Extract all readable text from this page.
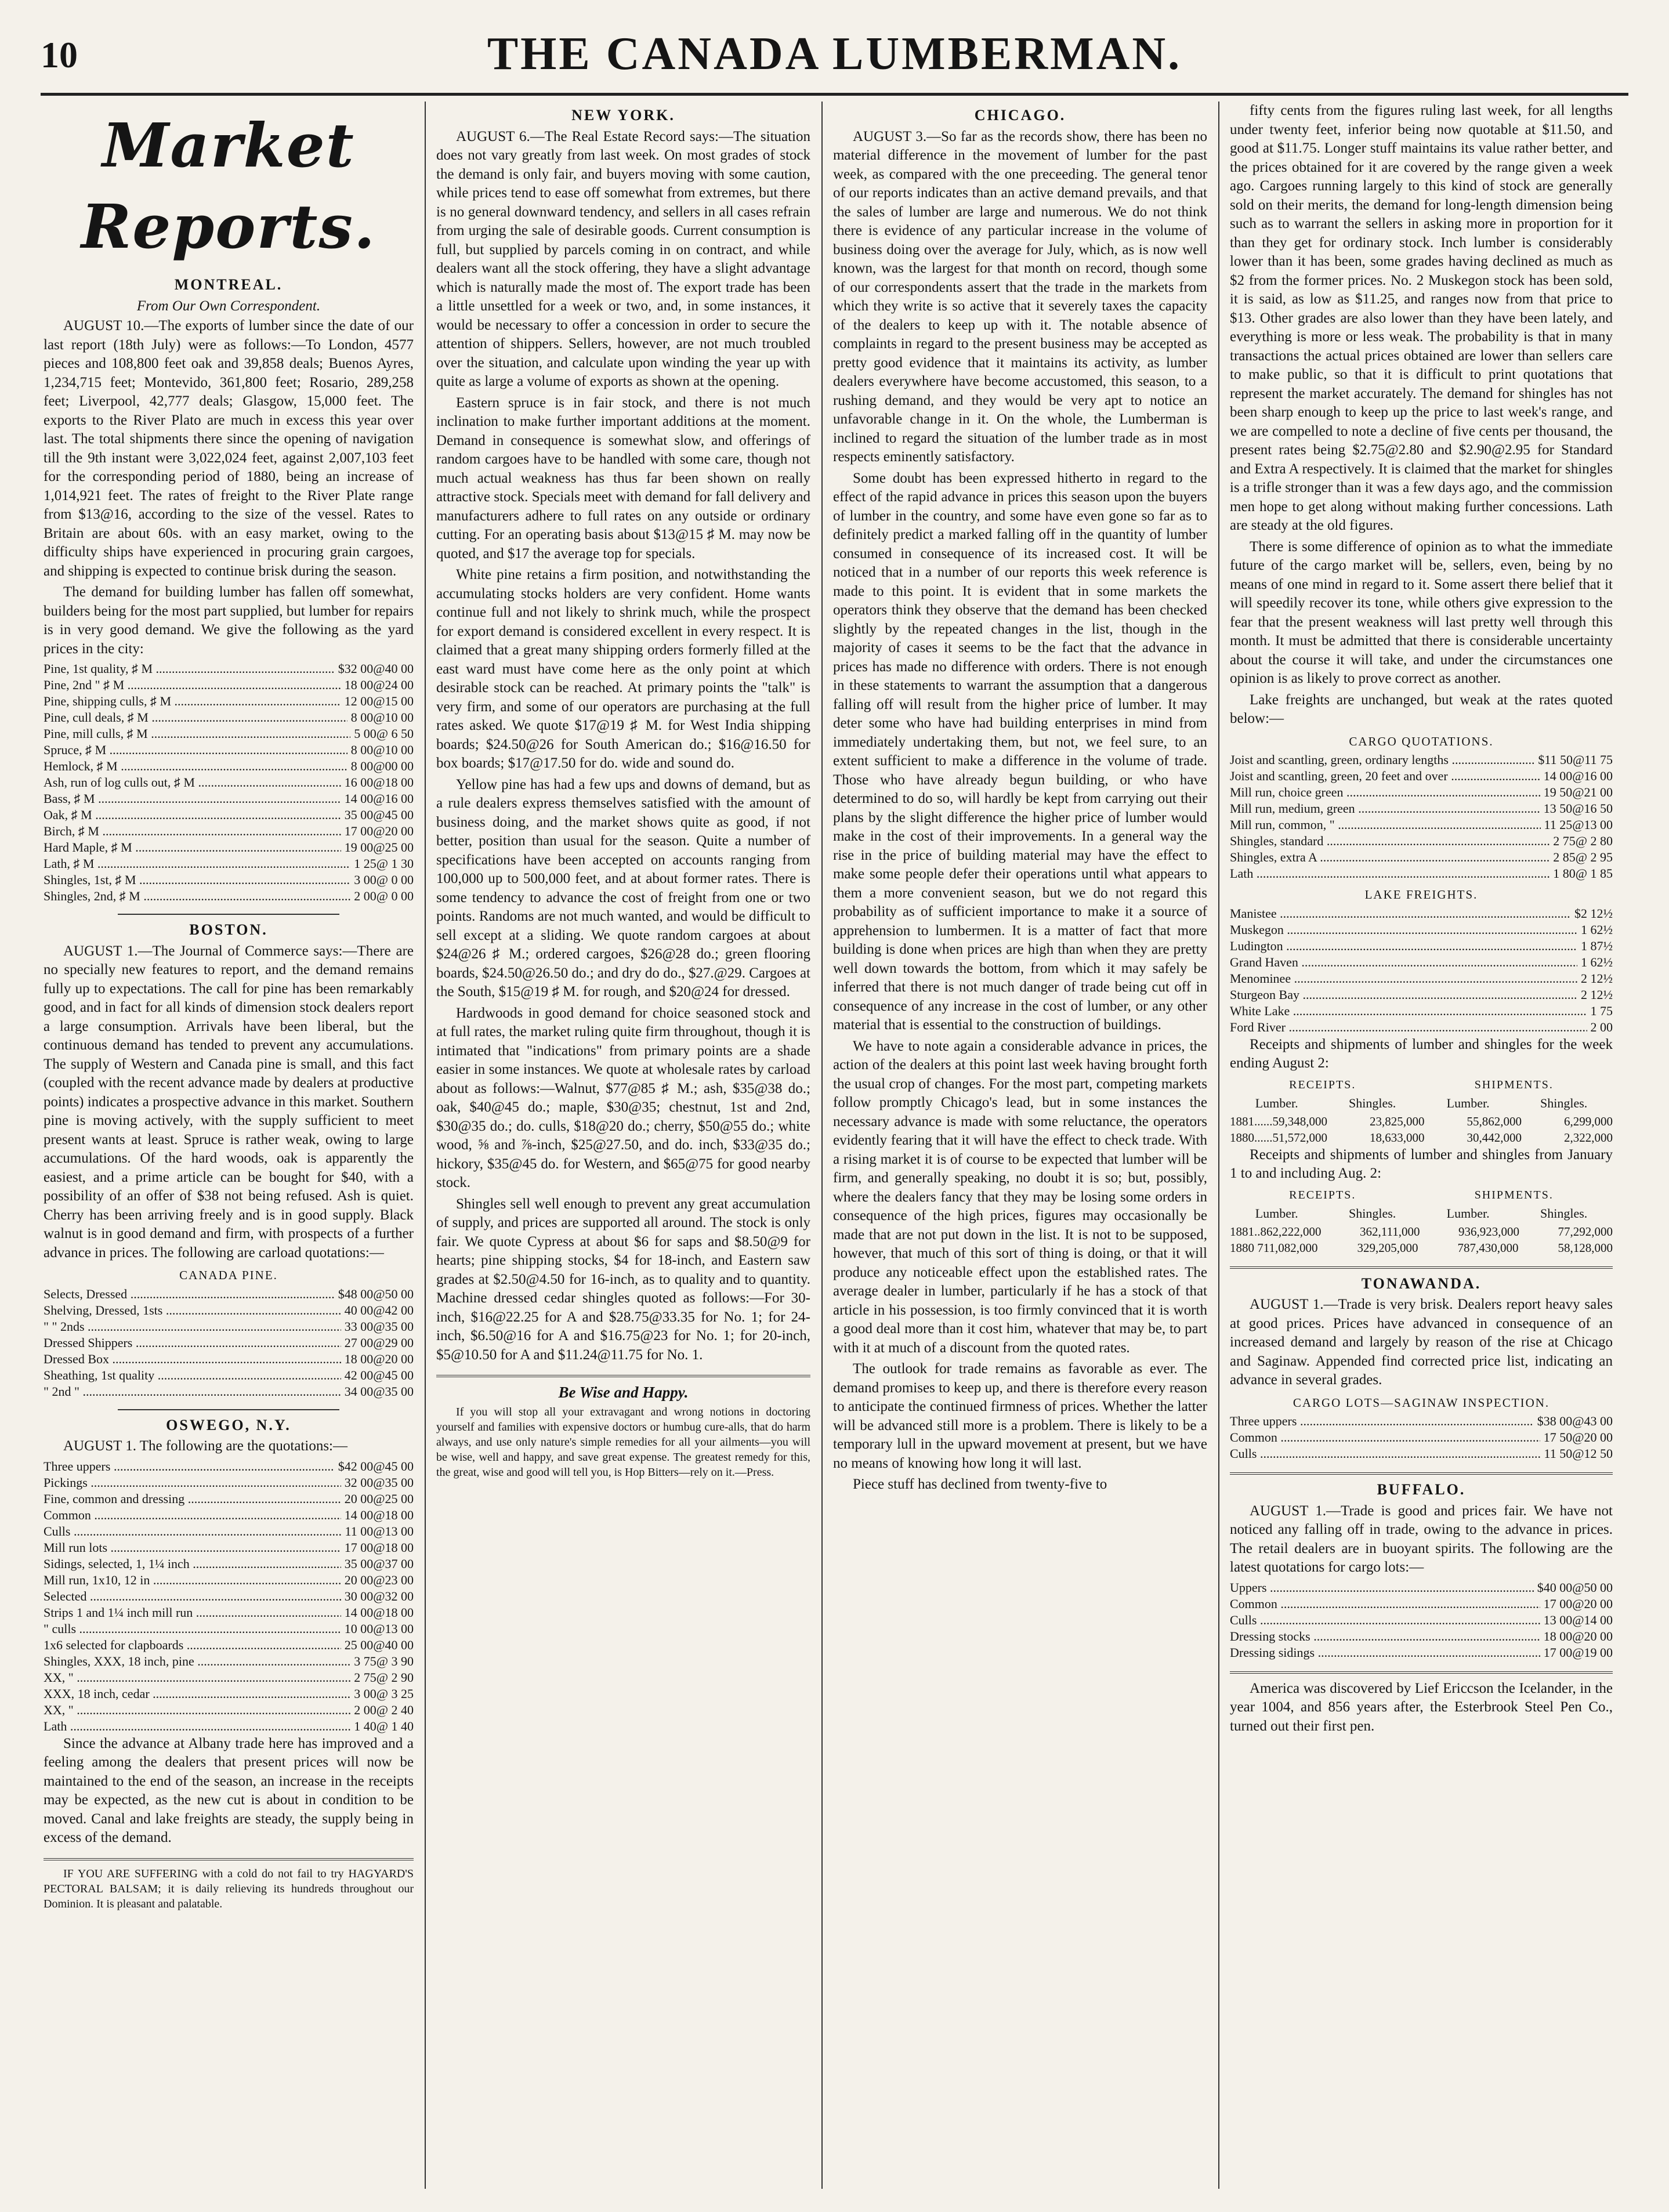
10	THE CANADA LUMBERMAN.
Market Reports.
MONTREAL.
From Our Own Correspondent.

AUGUST 10.—The exports of lumber since the date of our last report (18th July) were as follows:—To London, 4577 pieces and 108,800 feet oak and 39,858 deals; Buenos Ayres, 1,234,715 feet; Montevido, 361,800 feet; Rosario, 289,258 feet; Liverpool, 42,777 deals; Glasgow, 15,000 feet. The exports to the River Plato are much in excess this year over last. The total shipments there since the opening of navigation till the 9th instant were 3,022,024 feet, against 2,007,103 feet for the corresponding period of 1880, being an increase of 1,014,921 feet. The rates of freight to the River Plate range from $13@16, according to the size of the vessel. Rates to Britain are about 60s. with an easy market, owing to the difficulty ships have experienced in procuring grain cargoes, and shipping is expected to continue brisk during the season.

The demand for building lumber has fallen off somewhat, builders being for the most part supplied, but lumber for repairs is in very good demand. We give the following as the yard prices in the city:

Pine, 1st quality, ♯ M .....	$32 00@40 00
Pine, 2nd " ♯ M .....	18 00@24 00
Pine, shipping culls, ♯ M .....	12 00@15 00
Pine, cull deals, ♯ M .....	8 00@10 00
Pine, mill culls, ♯ M .....	5 00@ 6 50
Spruce, ♯ M .....	8 00@10 00
Hemlock, ♯ M .....	8 00@00 00
Ash, run of log culls out, ♯ M .....	16 00@18 00
Bass, ♯ M .....	14 00@16 00
Oak, ♯ M .....	35 00@45 00
Birch, ♯ M .....	17 00@20 00
Hard Maple, ♯ M .....	19 00@25 00
Lath, ♯ M .....	1 25@ 1 30
Shingles, 1st, ♯ M .....	3 00@ 0 00
Shingles, 2nd, ♯ M .....	2 00@ 0 00
BOSTON.

AUGUST 1.—The Journal of Commerce says:—There are no specially new features to report, and the demand remains fully up to expectations. The call for pine has been remarkably good, and in fact for all kinds of dimension stock dealers report a large consumption. Arrivals have been liberal, but the continuous demand has tended to prevent any accumulations. The supply of Western and Canada pine is small, and this fact (coupled with the recent advance made by dealers at productive points) indicates a prospective advance in this market. Southern pine is moving actively, with the supply sufficient to meet present wants at least. Spruce is rather weak, owing to large accumulations. Of the hard woods, oak is apparently the easiest, and a prime article can be bought for $40, with a possibility of an offer of $38 not being refused. Ash is quiet. Cherry has been arriving freely and is in good supply. Black walnut is in good demand and firm, with prospects of a further advance in prices. The following are carload quotations:—

CANADA PINE.
Selects, Dressed .....	$48 00@50 00
Shelving, Dressed, 1sts .....	40 00@42 00
" " 2nds .....	33 00@35 00
Dressed Shippers .....	27 00@29 00
Dressed Box .....	18 00@20 00
Sheathing, 1st quality .....	42 00@45 00
" 2nd " .....	34 00@35 00
OSWEGO, N.Y.

AUGUST 1. The following are the quotations:—

Three uppers .....	$42 00@45 00
Pickings .....	32 00@35 00
Fine, common and dressing .....	20 00@25 00
Common .....	14 00@18 00
Culls .....	11 00@13 00
Mill run lots .....	17 00@18 00
Sidings, selected, 1, 1¼ inch .....	35 00@37 00
Mill run, 1x10, 12 in .....	20 00@23 00
Selected .....	30 00@32 00
Strips 1 and 1¼ inch mill run .....	14 00@18 00
" culls .....	10 00@13 00
1x6 selected for clapboards .....	25 00@40 00
Shingles, XXX, 18 inch, pine .....	3 75@ 3 90
XX, " .....	2 75@ 2 90
XXX, 18 inch, cedar .....	3 00@ 3 25
XX, " .....	2 00@ 2 40
Lath .....	1 40@ 1 40

Since the advance at Albany trade here has improved and a feeling among the dealers that present prices will now be maintained to the end of the season, an increase in the receipts may be expected, as the new cut is about in condition to be moved. Canal and lake freights are steady, the supply being in excess of the demand.

IF YOU ARE SUFFERING with a cold do not fail to try HAGYARD'S PECTORAL BALSAM; it is daily relieving its hundreds throughout our Dominion. It is pleasant and palatable.

NEW YORK.

AUGUST 6.—The Real Estate Record says:—The situation does not vary greatly from last week. On most grades of stock the demand is only fair, and buyers moving with some caution, while prices tend to ease off somewhat from extremes, but there is no general downward tendency, and sellers in all cases refrain from urging the sale of desirable goods. Current consumption is full, but supplied by parcels coming in on contract, and while dealers want all the stock offering, they have a slight advantage which is naturally made the most of. The export trade has been a little unsettled for a week or two, and, in some instances, it would be necessary to offer a concession in order to secure the attention of shippers. Sellers, however, are not much troubled over the situation, and calculate upon winding the year up with quite as large a volume of exports as shown at the opening.

Eastern spruce is in fair stock, and there is not much inclination to make further important additions at the moment. Demand in consequence is somewhat slow, and offerings of random cargoes have to be handled with some care, though not much actual weakness has thus far been shown on really attractive stock. Specials meet with demand for fall delivery and manufacturers adhere to full rates on any outside or ordinary cutting. For an operating basis about $13@15 ♯ M. may now be quoted, and $17 the average top for specials.

White pine retains a firm position, and notwithstanding the accumulating stocks holders are very confident. Home wants continue full and not likely to shrink much, while the prospect for export demand is considered excellent in every respect. It is claimed that a great many shipping orders formerly filled at the east ward must have come here as the only point at which desirable stock can be reached. At primary points the "talk" is very firm, and some of our operators are purchasing at the full rates asked. We quote $17@19 ♯ M. for West India shipping boards; $24.50@26 for South American do.; $16@16.50 for box boards; $17@17.50 for do. wide and sound do.

Yellow pine has had a few ups and downs of demand, but as a rule dealers express themselves satisfied with the amount of business doing, and the market shows quite as good, if not better, position than usual for the season. Quite a number of specifications have been accepted on accounts ranging from 100,000 up to 500,000 feet, and at about former rates. There is some tendency to advance the cost of freight from one or two points. Randoms are not much wanted, and would be difficult to sell except at a sliding. We quote random cargoes at about $24@26 ♯ M.; ordered cargoes, $26@28 do.; green flooring boards, $24.50@26.50 do.; and dry do do., $27.@29. Cargoes at the South, $15@19 ♯ M. for rough, and $20@24 for dressed.

Hardwoods in good demand for choice seasoned stock and at full rates, the market ruling quite firm throughout, though it is intimated that "indications" from primary points are a shade easier in some instances. We quote at wholesale rates by carload about as follows:—Walnut, $77@85 ♯ M.; ash, $35@38 do.; oak, $40@45 do.; maple, $30@35; chestnut, 1st and 2nd, $30@35 do.; do. culls, $18@20 do.; cherry, $50@55 do.; white wood, ⅝ and ⅞-inch, $25@27.50, and do. inch, $33@35 do.; hickory, $35@45 do. for Western, and $65@75 for good nearby stock.

Shingles sell well enough to prevent any great accumulation of supply, and prices are supported all around. The stock is only fair. We quote Cypress at about $6 for saps and $8.50@9 for hearts; pine shipping stocks, $4 for 18-inch, and Eastern saw grades at $2.50@4.50 for 16-inch, as to quality and to quantity. Machine dressed cedar shingles quoted as follows:—For 30-inch, $16@22.25 for A and $28.75@33.35 for No. 1; for 24-inch, $6.50@16 for A and $16.75@23 for No. 1; for 20-inch, $5@10.50 for A and $11.24@11.75 for No. 1.

Be Wise and Happy.

If you will stop all your extravagant and wrong notions in doctoring yourself and families with expensive doctors or humbug cure-alls, that do harm always, and use only nature's simple remedies for all your ailments—you will be wise, well and happy, and save great expense. The greatest remedy for this, the great, wise and good will tell you, is Hop Bitters—rely on it.—Press.

CHICAGO.

AUGUST 3.—So far as the records show, there has been no material difference in the movement of lumber for the past week, as compared with the one preceeding. The general tenor of our reports indicates than an active demand prevails, and that the sales of lumber are large and numerous. We do not think there is evidence of any particular increase in the volume of business doing over the average for July, which, as is now well known, was the largest for that month on record, though some of our correspondents assert that the trade in the markets from which they write is so active that it severely taxes the capacity of the dealers to keep up with it. The notable absence of complaints in regard to the present business may be accepted as pretty good evidence that it maintains its activity, as lumber dealers everywhere have become accustomed, this season, to a rushing demand, and they would be very apt to notice an unfavorable change in it. On the whole, the Lumberman is inclined to regard the situation of the lumber trade as in most respects eminently satisfactory.

Some doubt has been expressed hitherto in regard to the effect of the rapid advance in prices this season upon the buyers of lumber in the country, and some have even gone so far as to definitely predict a marked falling off in the quantity of lumber consumed in consequence of its increased cost. It will be noticed that in a number of our reports this week reference is made to this point. It is evident that in some markets the operators think they observe that the demand has been checked slightly by the repeated changes in the list, though in the majority of cases it seems to be the fact that the advance in prices has made no difference with orders. There is not enough in these statements to warrant the assumption that a dangerous falling off will result from the higher price of lumber. It may deter some who have had building enterprises in mind from immediately undertaking them, but not, we feel sure, to an extent sufficient to make a difference in the volume of trade. Those who have already begun building, or who have determined to do so, will hardly be kept from carrying out their plans by the slight difference the higher price of lumber would make in the cost of their improvements. In a general way the rise in the price of building material may have the effect to make some people defer their operations until what appears to them a more convenient season, but we do not regard this probability as of sufficient importance to make it a source of apprehension to lumbermen. It is a matter of fact that more building is done when prices are high than when they are pretty well down towards the bottom, from which it may safely be inferred that there is not much danger of trade being cut off in consequence of any increase in the cost of lumber, or any other material that is essential to the construction of buildings.

We have to note again a considerable advance in prices, the action of the dealers at this point last week having brought forth the usual crop of changes. For the most part, competing markets follow promptly Chicago's lead, but in some instances the necessary advance is made with some reluctance, the operators evidently fearing that it will have the effect to check trade. With a rising market it is of course to be expected that lumber will be firm, and generally speaking, no doubt it is so; but, possibly, where the dealers fancy that they may be losing some orders in consequence of the high prices, figures may occasionally be made that are not put down in the list. It is not to be supposed, however, that much of this sort of thing is doing, or that it will produce any noticeable effect upon the established rates. The average dealer in lumber, particularly if he has a stock of that article in his possession, is too firmly convinced that it is worth a good deal more than it cost him, whatever that may be, to part with it at much of a discount from the quoted rates.

The outlook for trade remains as favorable as ever. The demand promises to keep up, and there is therefore every reason to anticipate the continued firmness of prices. Whether the latter will be advanced still more is a problem. There is likely to be a temporary lull in the upward movement at present, but we have no means of knowing how long it will last.

Piece stuff has declined from twenty-five to

fifty cents from the figures ruling last week, for all lengths under twenty feet, inferior being now quotable at $11.50, and good at $11.75. Longer stuff maintains its value rather better, and the prices obtained for it are covered by the range given a week ago. Cargoes running largely to this kind of stock are generally sold on their merits, the demand for long-length dimension being such as to warrant the sellers in asking more in proportion for it than they get for ordinary stock. Inch lumber is considerably lower than it has been, some grades having declined as much as $2 from the former prices. No. 2 Muskegon stock has been sold, it is said, as low as $11.25, and ranges now from that price to $13. Other grades are also lower than they have been lately, and everything is more or less weak. The probability is that in many transactions the actual prices obtained are lower than sellers care to make public, so that it is difficult to print quotations that represent the market accurately. The demand for shingles has not been sharp enough to keep up the price to last week's range, and we are compelled to note a decline of five cents per thousand, the present rates being $2.75@2.80 and $2.90@2.95 for Standard and Extra A respectively. It is claimed that the market for shingles is a trifle stronger than it was a few days ago, and the commission men hope to get along without making further concessions. Lath are steady at the old figures.

There is some difference of opinion as to what the immediate future of the cargo market will be, sellers, even, being by no means of one mind in regard to it. Some assert there belief that it will speedily recover its tone, while others give expression to the fear that the present weakness will last pretty well through this month. It must be admitted that there is considerable uncertainty about the course it will take, and under the circumstances one opinion is as likely to prove correct as another.

Lake freights are unchanged, but weak at the rates quoted below:—

CARGO QUOTATIONS.
Joist and scantling, green, ordinary lengths .....	$11 50@11 75
Joist and scantling, green, 20 feet and over .....	14 00@16 00
Mill run, choice green .....	19 50@21 00
Mill run, medium, green .....	13 50@16 50
Mill run, common, " .....	11 25@13 00
Shingles, standard .....	2 75@ 2 80
Shingles, extra A .....	2 85@ 2 95
Lath .....	1 80@ 1 85
LAKE FREIGHTS.
Manistee .....	$2 12½
Muskegon .....	1 62½
Ludington .....	1 87½
Grand Haven .....	1 62½
Menominee .....	2 12½
Sturgeon Bay .....	2 12½
White Lake .....	1 75
Ford River .....	2 00

Receipts and shipments of lumber and shingles for the week ending August 2:

RECEIPTS.	SHIPMENTS.
Lumber.	Shingles.	Lumber.	Shingles.
1881......59,348,000	23,825,000	55,862,000	6,299,000
1880......51,572,000	18,633,000	30,442,000	2,322,000

Receipts and shipments of lumber and shingles from January 1 to and including Aug. 2:

RECEIPTS.	SHIPMENTS.
Lumber.	Shingles.	Lumber.	Shingles.
1881..862,222,000	362,111,000	936,923,000	77,292,000
1880 711,082,000	329,205,000	787,430,000	58,128,000
TONAWANDA.

AUGUST 1.—Trade is very brisk. Dealers report heavy sales at good prices. Prices have advanced in consequence of an increased demand and largely by reason of the rise at Chicago and Saginaw. Appended find corrected price list, indicating an advance in several grades.

CARGO LOTS—SAGINAW INSPECTION.
Three uppers .....	$38 00@43 00
Common .....	17 50@20 00
Culls .....	11 50@12 50
BUFFALO.

AUGUST 1.—Trade is good and prices fair. We have not noticed any falling off in trade, owing to the advance in prices. The retail dealers are in buoyant spirits. The following are the latest quotations for cargo lots:—

Uppers .....	$40 00@50 00
Common .....	17 00@20 00
Culls .....	13 00@14 00
Dressing stocks .....	18 00@20 00
Dressing sidings .....	17 00@19 00

America was discovered by Lief Ericcson the Icelander, in the year 1004, and 856 years after, the Esterbrook Steel Pen Co., turned out their first pen.
